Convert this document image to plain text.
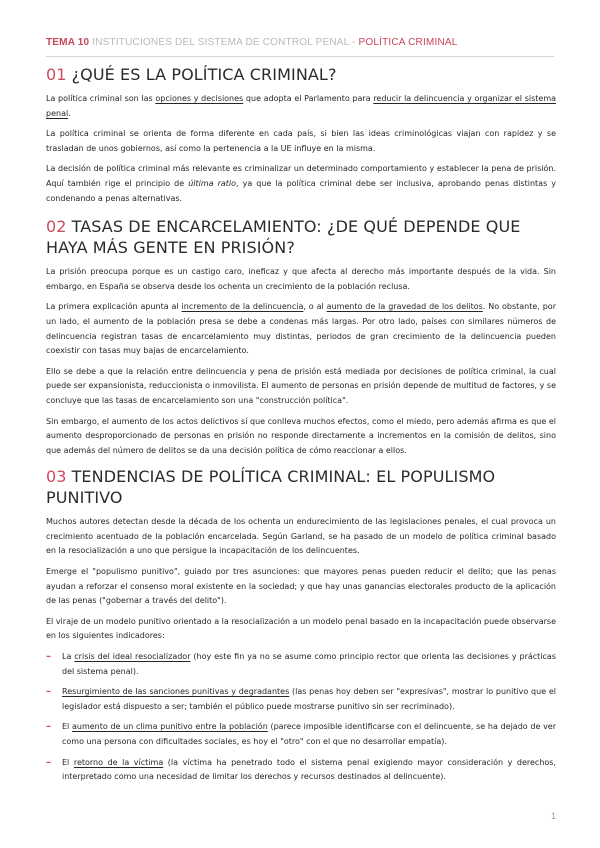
TEMA 10 INSTITUCIONES DEL SISTEMA DE CONTROL PENAL - POLÍTICA CRIMINAL
01 ¿QUÉ ES LA POLÍTICA CRIMINAL?

La política criminal son las opciones y decisiones que adopta el Parlamento para reducir la delincuencia y organizar el sistema penal.

La política criminal se orienta de forma diferente en cada país, si bien las ideas criminológicas viajan con rapidez y se trasladan de unos gobiernos, así como la pertenencia a la UE influye en la misma.

La decisión de política criminal más relevante es criminalizar un determinado comportamiento y establecer la pena de prisión. Aquí también rige el principio de última ratio, ya que la política criminal debe ser inclusiva, aprobando penas distintas y condenando a penas alternativas.

02 TASAS DE ENCARCELAMIENTO: ¿DE QUÉ DEPENDE QUE HAYA MÁS GENTE EN PRISIÓN?

La prisión preocupa porque es un castigo caro, ineficaz y que afecta al derecho más importante después de la vida. Sin embargo, en España se observa desde los ochenta un crecimiento de la población reclusa.

La primera explicación apunta al incremento de la delincuencia, o al aumento de la gravedad de los delitos. No obstante, por un lado, el aumento de la población presa se debe a condenas más largas. Por otro lado, países con similares números de delincuencia registran tasas de encarcelamiento muy distintas, periodos de gran crecimiento de la delincuencia pueden coexistir con tasas muy bajas de encarcelamiento.

Ello se debe a que la relación entre delincuencia y pena de prisión está mediada por decisiones de política criminal, la cual puede ser expansionista, reduccionista o inmovilista. El aumento de personas en prisión depende de multitud de factores, y se concluye que las tasas de encarcelamiento son una "construcción política".

Sin embargo, el aumento de los actos delictivos sí que conlleva muchos efectos, como el miedo, pero además afirma es que el aumento desproporcionado de personas en prisión no responde directamente a incrementos en la comisión de delitos, sino que además del número de delitos se da una decisión política de cómo reaccionar a ellos.

03 TENDENCIAS DE POLÍTICA CRIMINAL: EL POPULISMO PUNITIVO

Muchos autores detectan desde la década de los ochenta un endurecimiento de las legislaciones penales, el cual provoca un crecimiento acentuado de la población encarcelada. Según Garland, se ha pasado de un modelo de política criminal basado en la resocialización a uno que persigue la incapacitación de los delincuentes.

Emerge el "populismo punitivo", guiado por tres asunciones: que mayores penas pueden reducir el delito; que las penas ayudan a reforzar el consenso moral existente en la sociedad; y que hay unas ganancias electorales producto de la aplicación de las penas ("gobernar a través del delito").

El viraje de un modelo punitivo orientado a la resocialización a un modelo penal basado en la incapacitación puede observarse en los siguientes indicadores:

– La crisis del ideal resocializador (hoy este fin ya no se asume como principio rector que orienta las decisiones y prácticas del sistema penal).

– Resurgimiento de las sanciones punitivas y degradantes (las penas hoy deben ser "expresivas", mostrar lo punitivo que el legislador está dispuesto a ser; también el público puede mostrarse punitivo sin ser recriminado).

– El aumento de un clima punitivo entre la población (parece imposible identificarse con el delincuente, se ha dejado de ver como una persona con dificultades sociales, es hoy el "otro" con el que no desarrollar empatía).

– El retorno de la víctima (la víctima ha penetrado todo el sistema penal exigiendo mayor consideración y derechos, interpretado como una necesidad de limitar los derechos y recursos destinados al delincuente).

1
